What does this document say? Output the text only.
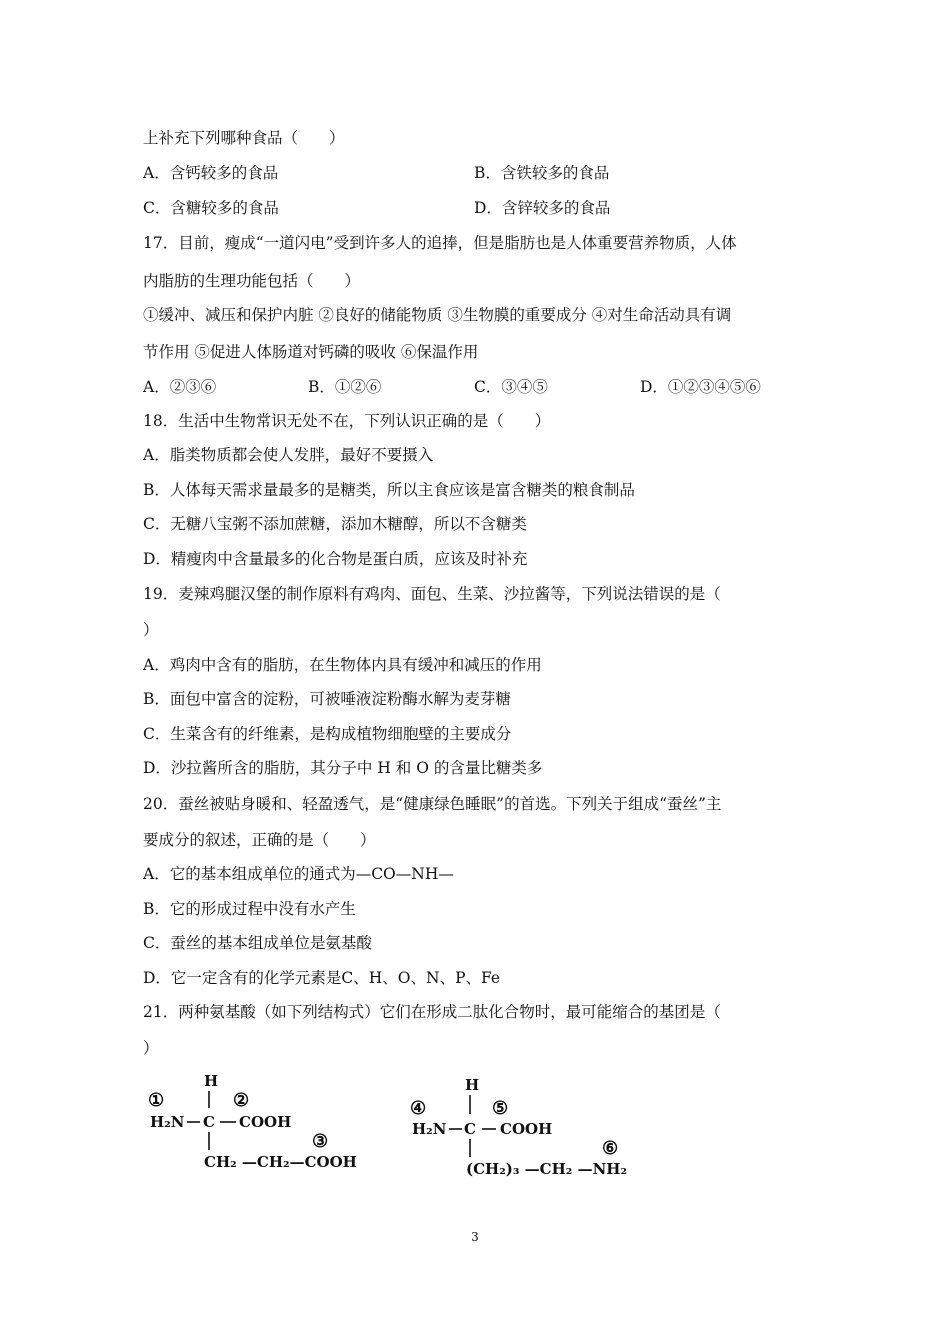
上补充下列哪种食品（　　）
A．含钙较多的食品	B．含铁较多的食品
C．含糖较多的食品	D．含锌较多的食品
17．目前，瘦成“一道闪电”受到许多人的追捧，但是脂肪也是人体重要营养物质，人体
内脂肪的生理功能包括（　　）
①缓冲、减压和保护内脏 ②良好的储能物质 ③生物膜的重要成分 ④对生命活动具有调
节作用 ⑤促进人体肠道对钙磷的吸收 ⑥保温作用
A．②③⑥	B．①②⑥	C．③④⑤	D．①②③④⑤⑥
18．生活中生物常识无处不在，下列认识正确的是（　　）
A．脂类物质都会使人发胖，最好不要摄入
B．人体每天需求量最多的是糖类，所以主食应该是富含糖类的粮食制品
C．无糖八宝粥不添加蔗糖，添加木糖醇，所以不含糖类
D．精瘦肉中含量最多的化合物是蛋白质，应该及时补充
19．麦辣鸡腿汉堡的制作原料有鸡肉、面包、生菜、沙拉酱等，下列说法错误的是（
）
A．鸡肉中含有的脂肪，在生物体内具有缓冲和减压的作用
B．面包中富含的淀粉，可被唾液淀粉酶水解为麦芽糖
C．生菜含有的纤维素，是构成植物细胞壁的主要成分
D．沙拉酱所含的脂肪，其分子中 H 和 O 的含量比糖类多
20．蚕丝被贴身暖和、轻盈透气，是“健康绿色睡眠”的首选。下列关于组成“蚕丝”主
要成分的叙述，正确的是（　　）
A．它的基本组成单位的通式为—CO—NH—
B．它的形成过程中没有水产生
C．蚕丝的基本组成单位是氨基酸
D．它一定含有的化学元素是C、H、O、N、P、Fe
21．两种氨基酸（如下列结构式）它们在形成二肽化合物时，最可能缩合的基团是（
）
H
①	②
H₂N C COOH
③
CH₂ —CH₂—COOH
H
④	⑤
H₂N C COOH
⑥
(CH₂)₃ —CH₂ —NH₂
3
